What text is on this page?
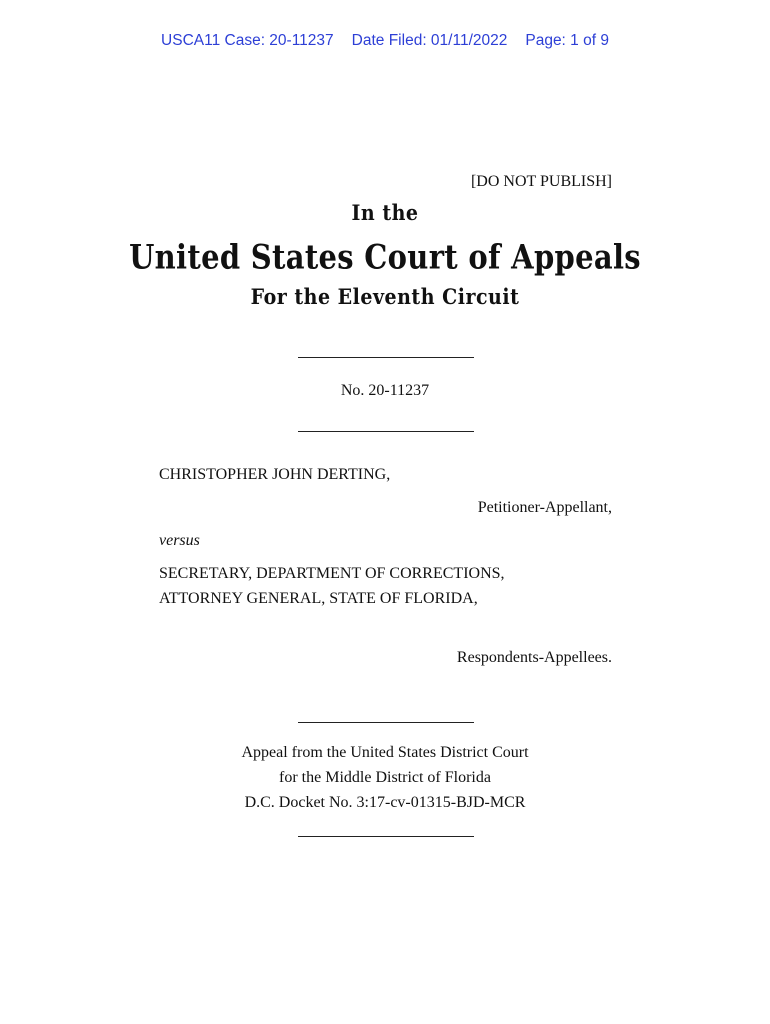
USCA11 Case: 20-11237 Date Filed: 01/11/2022 Page: 1 of 9
[DO NOT PUBLISH]
In the
United States Court of Appeals
For the Eleventh Circuit
No. 20-11237
CHRISTOPHER JOHN DERTING,
Petitioner-Appellant,
versus
SECRETARY, DEPARTMENT OF CORRECTIONS,
ATTORNEY GENERAL, STATE OF FLORIDA,
Respondents-Appellees.
Appeal from the United States District Court
for the Middle District of Florida
D.C. Docket No. 3:17-cv-01315-BJD-MCR
